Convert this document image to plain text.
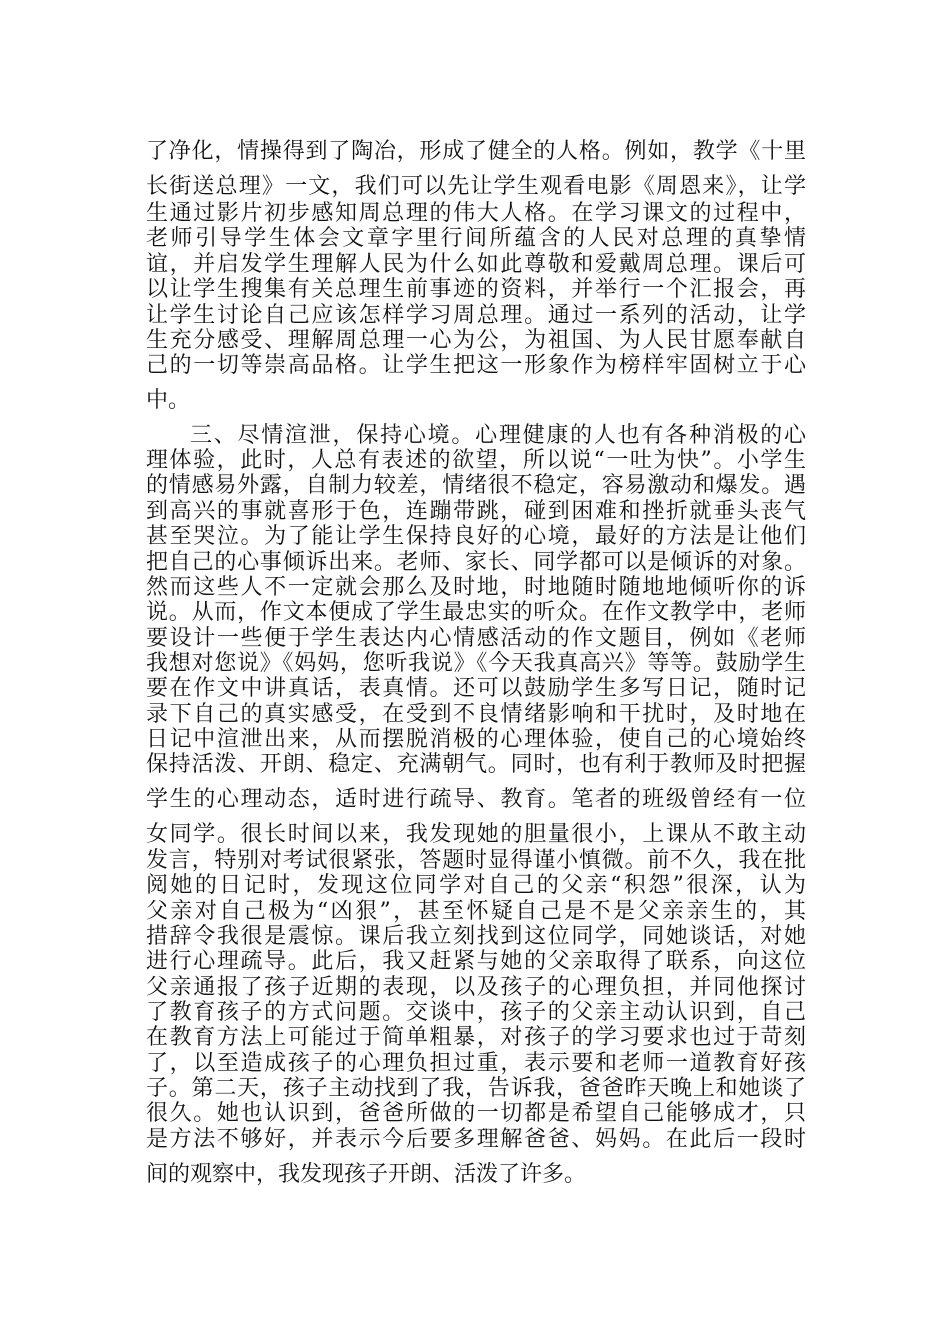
了净化，情操得到了陶冶，形成了健全的人格。例如，教学《十里
长街送总理》一文，我们可以先让学生观看电影《周恩来》，让学
生通过影片初步感知周总理的伟大人格。在学习课文的过程中，
老师引导学生体会文章字里行间所蕴含的人民对总理的真挚情
谊，并启发学生理解人民为什么如此尊敬和爱戴周总理。课后可
以让学生搜集有关总理生前事迹的资料，并举行一个汇报会，再
让学生讨论自己应该怎样学习周总理。通过一系列的活动，让学
生充分感受、理解周总理一心为公，为祖国、为人民甘愿奉献自
己的一切等崇高品格。让学生把这一形象作为榜样牢固树立于心
中。
三、尽情渲泄，保持心境。心理健康的人也有各种消极的心
理体验，此时，人总有表述的欲望，所以说“一吐为快”。小学生
的情感易外露，自制力较差，情绪很不稳定，容易激动和爆发。遇
到高兴的事就喜形于色，连蹦带跳，碰到困难和挫折就垂头丧气
甚至哭泣。为了能让学生保持良好的心境，最好的方法是让他们
把自己的心事倾诉出来。老师、家长、同学都可以是倾诉的对象。
然而这些人不一定就会那么及时地，时地随时随地地倾听你的诉
说。从而，作文本便成了学生最忠实的听众。在作文教学中，老师
要设计一些便于学生表达内心情感活动的作文题目，例如《老师
我想对您说》《妈妈，您听我说》《今天我真高兴》等等。鼓励学生
要在作文中讲真话，表真情。还可以鼓励学生多写日记，随时记
录下自己的真实感受，在受到不良情绪影响和干扰时，及时地在
日记中渲泄出来，从而摆脱消极的心理体验，使自己的心境始终
保持活泼、开朗、稳定、充满朝气。同时，也有利于教师及时把握
学生的心理动态，适时进行疏导、教育。笔者的班级曾经有一位
女同学。很长时间以来，我发现她的胆量很小，上课从不敢主动
发言，特别对考试很紧张，答题时显得谨小慎微。前不久，我在批
阅她的日记时，发现这位同学对自己的父亲“积怨”很深，认为
父亲对自己极为“凶狠”，甚至怀疑自己是不是父亲亲生的，其
措辞令我很是震惊。课后我立刻找到这位同学，同她谈话，对她
进行心理疏导。此后，我又赶紧与她的父亲取得了联系，向这位
父亲通报了孩子近期的表现，以及孩子的心理负担，并同他探讨
了教育孩子的方式问题。交谈中，孩子的父亲主动认识到，自己
在教育方法上可能过于简单粗暴，对孩子的学习要求也过于苛刻
了，以至造成孩子的心理负担过重，表示要和老师一道教育好孩
子。第二天，孩子主动找到了我，告诉我，爸爸昨天晚上和她谈了
很久。她也认识到，爸爸所做的一切都是希望自己能够成才，只
是方法不够好，并表示今后要多理解爸爸、妈妈。在此后一段时
间的观察中，我发现孩子开朗、活泼了许多。
